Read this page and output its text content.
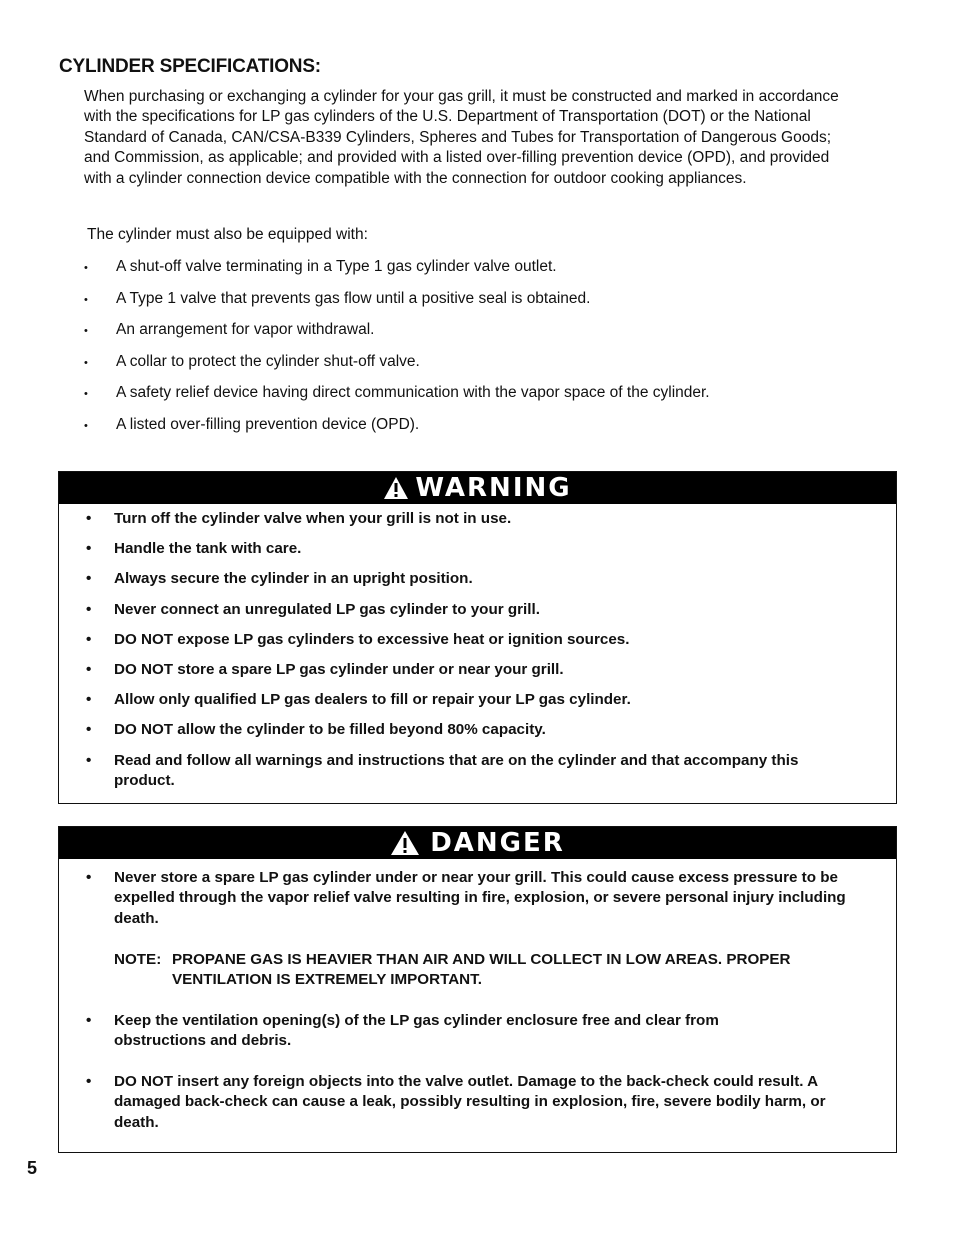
CYLINDER SPECIFICATIONS:

When purchasing or exchanging a cylinder for your gas grill, it must be constructed and marked in accordance with the specifications for LP gas cylinders of the U.S. Department of Transportation (DOT) or the National Standard of Canada, CAN/CSA-B339 Cylinders, Spheres and Tubes for Transportation of Dangerous Goods; and Commission, as applicable; and provided with a listed over-filling prevention device (OPD), and provided with a cylinder connection device compatible with the connection for outdoor cooking appliances.

The cylinder must also be equipped with:

• A shut-off valve terminating in a Type 1 gas cylinder valve outlet.
• A Type 1 valve that prevents gas flow until a positive seal is obtained.
• An arrangement for vapor withdrawal.
• A collar to protect the cylinder shut-off valve.
• A safety relief device having direct communication with the vapor space of the cylinder.
• A listed over-filling prevention device (OPD).
WARNING
• Turn off the cylinder valve when your grill is not in use.
• Handle the tank with care.
• Always secure the cylinder in an upright position.
• Never connect an unregulated LP gas cylinder to your grill.
• DO NOT expose LP gas cylinders to excessive heat or ignition sources.
• DO NOT store a spare LP gas cylinder under or near your grill.
• Allow only qualified LP gas dealers to fill or repair your LP gas cylinder.
• DO NOT allow the cylinder to be filled beyond 80% capacity.
• Read and follow all warnings and instructions that are on the cylinder and that accompany this product.
DANGER
• Never store a spare LP gas cylinder under or near your grill. This could cause excess pressure to be expelled through the vapor relief valve resulting in fire, explosion, or severe personal injury including death.
NOTE: PROPANE GAS IS HEAVIER THAN AIR AND WILL COLLECT IN LOW AREAS. PROPER VENTILATION IS EXTREMELY IMPORTANT.
• Keep the ventilation opening(s) of the LP gas cylinder enclosure free and clear from obstructions and debris.
• DO NOT insert any foreign objects into the valve outlet. Damage to the back-check could result. A damaged back-check can cause a leak, possibly resulting in explosion, fire, severe bodily harm, or death.
5
